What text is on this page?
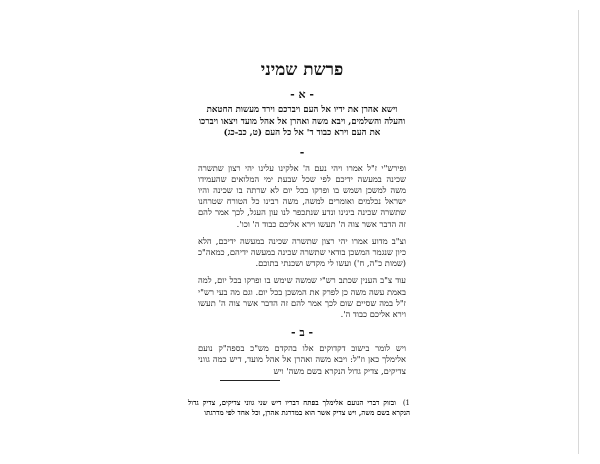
פרשת שמיני
- א -
וישא אהרן את ידיו אל העם ויברכם וירד מעשות החטאת והעלה והשלמים, ויבא משה ואהרן אל אהל מועד ויצאו ויברכו את העם וירא כבוד ד' אל כל העם (ט, כב-כג)
-
ופירש"י ז"ל אמרו ויהי נעם ה' אלקינו עלינו יהי רצון שתשרה שכינה במעשה ידיכם לפי שכל שבעת ימי המלואים שהעמידו משה למשכן ושמש בו ופרקו בכל יום לא שרתה בו שכינה והיו ישראל נכלמים ואומרים למשה, משה רבינו כל הטורח שטרחנו שתשרה שכינה בינינו ונדע שנתכפר לנו עון העגל, לכך אמר להם זה הדבר אשר צוה ה' תעשו וירא אליכם כבוד ה' וכו'.
וצ"ב מדוע אמרו יהי רצון שתשרה שכינה במעשה ידיכם, הלא כיון שנגמר המשכן בודאי שתשרה שכינה במעשה ידיהם, כמאה"כ (שמות כ"ה, ח') ועשו לי מקדש ושכנתי בתוכם.
עוד צ"ב הענין שכתב רש"י שמשה שימש בו ופרקו בכל יום, למה באמת עשה משה כן לפרק את המשכן בכל יום. וגם מה בעי רש"י ז"ל במה שסיים שום לכך אמר להם זה הדבר אשר צוה ה' תעשו וירא אליכם כבוד ה'.
- ב -
ויש לומר בישוב דקדוקים אלו בהקדם מש"כ בספה"ק נועם אלימלך כאן וז"ל: ויבא משה ואהרן אל אהל מועד, דיש כמה גווני צדיקים, צדיק גדול הנקרא בשם משה' ויש
1) ובזוק דברי הנועם אלימלך בפתח דבריו דיש שני גווני צדיקים, צדיק גדול הנקרא בשם משה, ויש צדיק אשר הוא במדרגת אהרן, וכל אחד לפי מדרגתו
